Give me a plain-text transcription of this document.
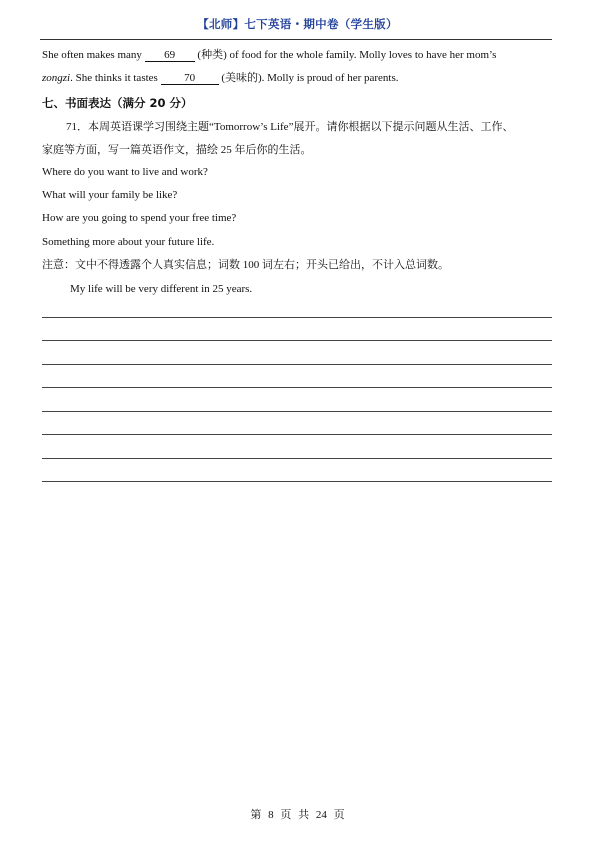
【北师】七下英语・期中卷（学生版）
She often makes many 69 (种类) of food for the whole family. Molly loves to have her mom’s
zongzi. She thinks it tastes 70 (美味的). Molly is proud of her parents.
七、书面表达（满分 20 分）
71．本周英语课学习围绕主题“Tomorrow’s Life”展开。请你根据以下提示问题从生活、工作、
家庭等方面，写一篇英语作文，描绘 25 年后你的生活。
Where do you want to live and work?
What will your family be like?
How are you going to spend your free time?
Something more about your future life.
注意：文中不得透露个人真实信息；词数 100 词左右；开头已给出，不计入总词数。
My life will be very different in 25 years.
第 8 页 共 24 页
